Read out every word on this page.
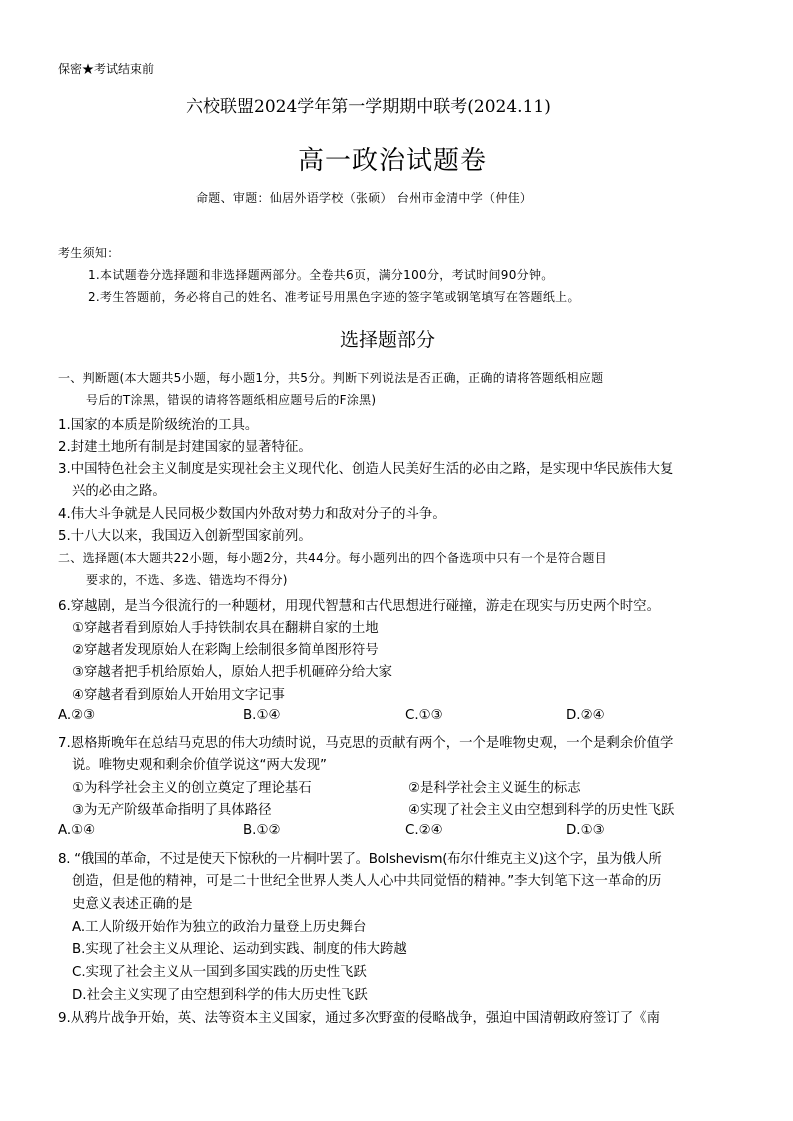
保密★考试结束前
六校联盟2024学年第一学期期中联考(2024.11)
高一政治试题卷
命题、审题：仙居外语学校（张硕） 台州市金清中学（仲佳）
考生须知：
1.本试题卷分选择题和非选择题两部分。全卷共6页，满分100分，考试时间90分钟。
2.考生答题前，务必将自己的姓名、准考证号用黑色字迹的签字笔或钢笔填写在答题纸上。
选择题部分
一、判断题(本大题共5小题，每小题1分，共5分。判断下列说法是否正确，正确的请将答题纸相应题
号后的T涂黑，错误的请将答题纸相应题号后的F涂黑)
1.国家的本质是阶级统治的工具。
2.封建土地所有制是封建国家的显著特征。
3.中国特色社会主义制度是实现社会主义现代化、创造人民美好生活的必由之路，是实现中华民族伟大复
兴的必由之路。
4.伟大斗争就是人民同极少数国内外敌对势力和敌对分子的斗争。
5.十八大以来，我国迈入创新型国家前列。
二、选择题(本大题共22小题，每小题2分，共44分。每小题列出的四个备选项中只有一个是符合题目
要求的，不选、多选、错选均不得分)
6.穿越剧，是当今很流行的一种题材，用现代智慧和古代思想进行碰撞，游走在现实与历史两个时空。
①穿越者看到原始人手持铁制农具在翻耕自家的土地
②穿越者发现原始人在彩陶上绘制很多简单图形符号
③穿越者把手机给原始人，原始人把手机砸碎分给大家
④穿越者看到原始人开始用文字记事
A.②③	B.①④	C.①③	D.②④
7.恩格斯晚年在总结马克思的伟大功绩时说，马克思的贡献有两个，一个是唯物史观，一个是剩余价值学
说。唯物史观和剩余价值学说这“两大发现”
①为科学社会主义的创立奠定了理论基石	②是科学社会主义诞生的标志
③为无产阶级革命指明了具体路径	④实现了社会主义由空想到科学的历史性飞跃
A.①④	B.①②	C.②④	D.①③
8. “俄国的革命，不过是使天下惊秋的一片桐叶罢了。Bolshevism(布尔什维克主义)这个字，虽为俄人所
创造，但是他的精神，可是二十世纪全世界人类人人心中共同觉悟的精神。”李大钊笔下这一革命的历
史意义表述正确的是
A.工人阶级开始作为独立的政治力量登上历史舞台
B.实现了社会主义从理论、运动到实践、制度的伟大跨越
C.实现了社会主义从一国到多国实践的历史性飞跃
D.社会主义实现了由空想到科学的伟大历史性飞跃
9.从鸦片战争开始，英、法等资本主义国家，通过多次野蛮的侵略战争，强迫中国清朝政府签订了《南
